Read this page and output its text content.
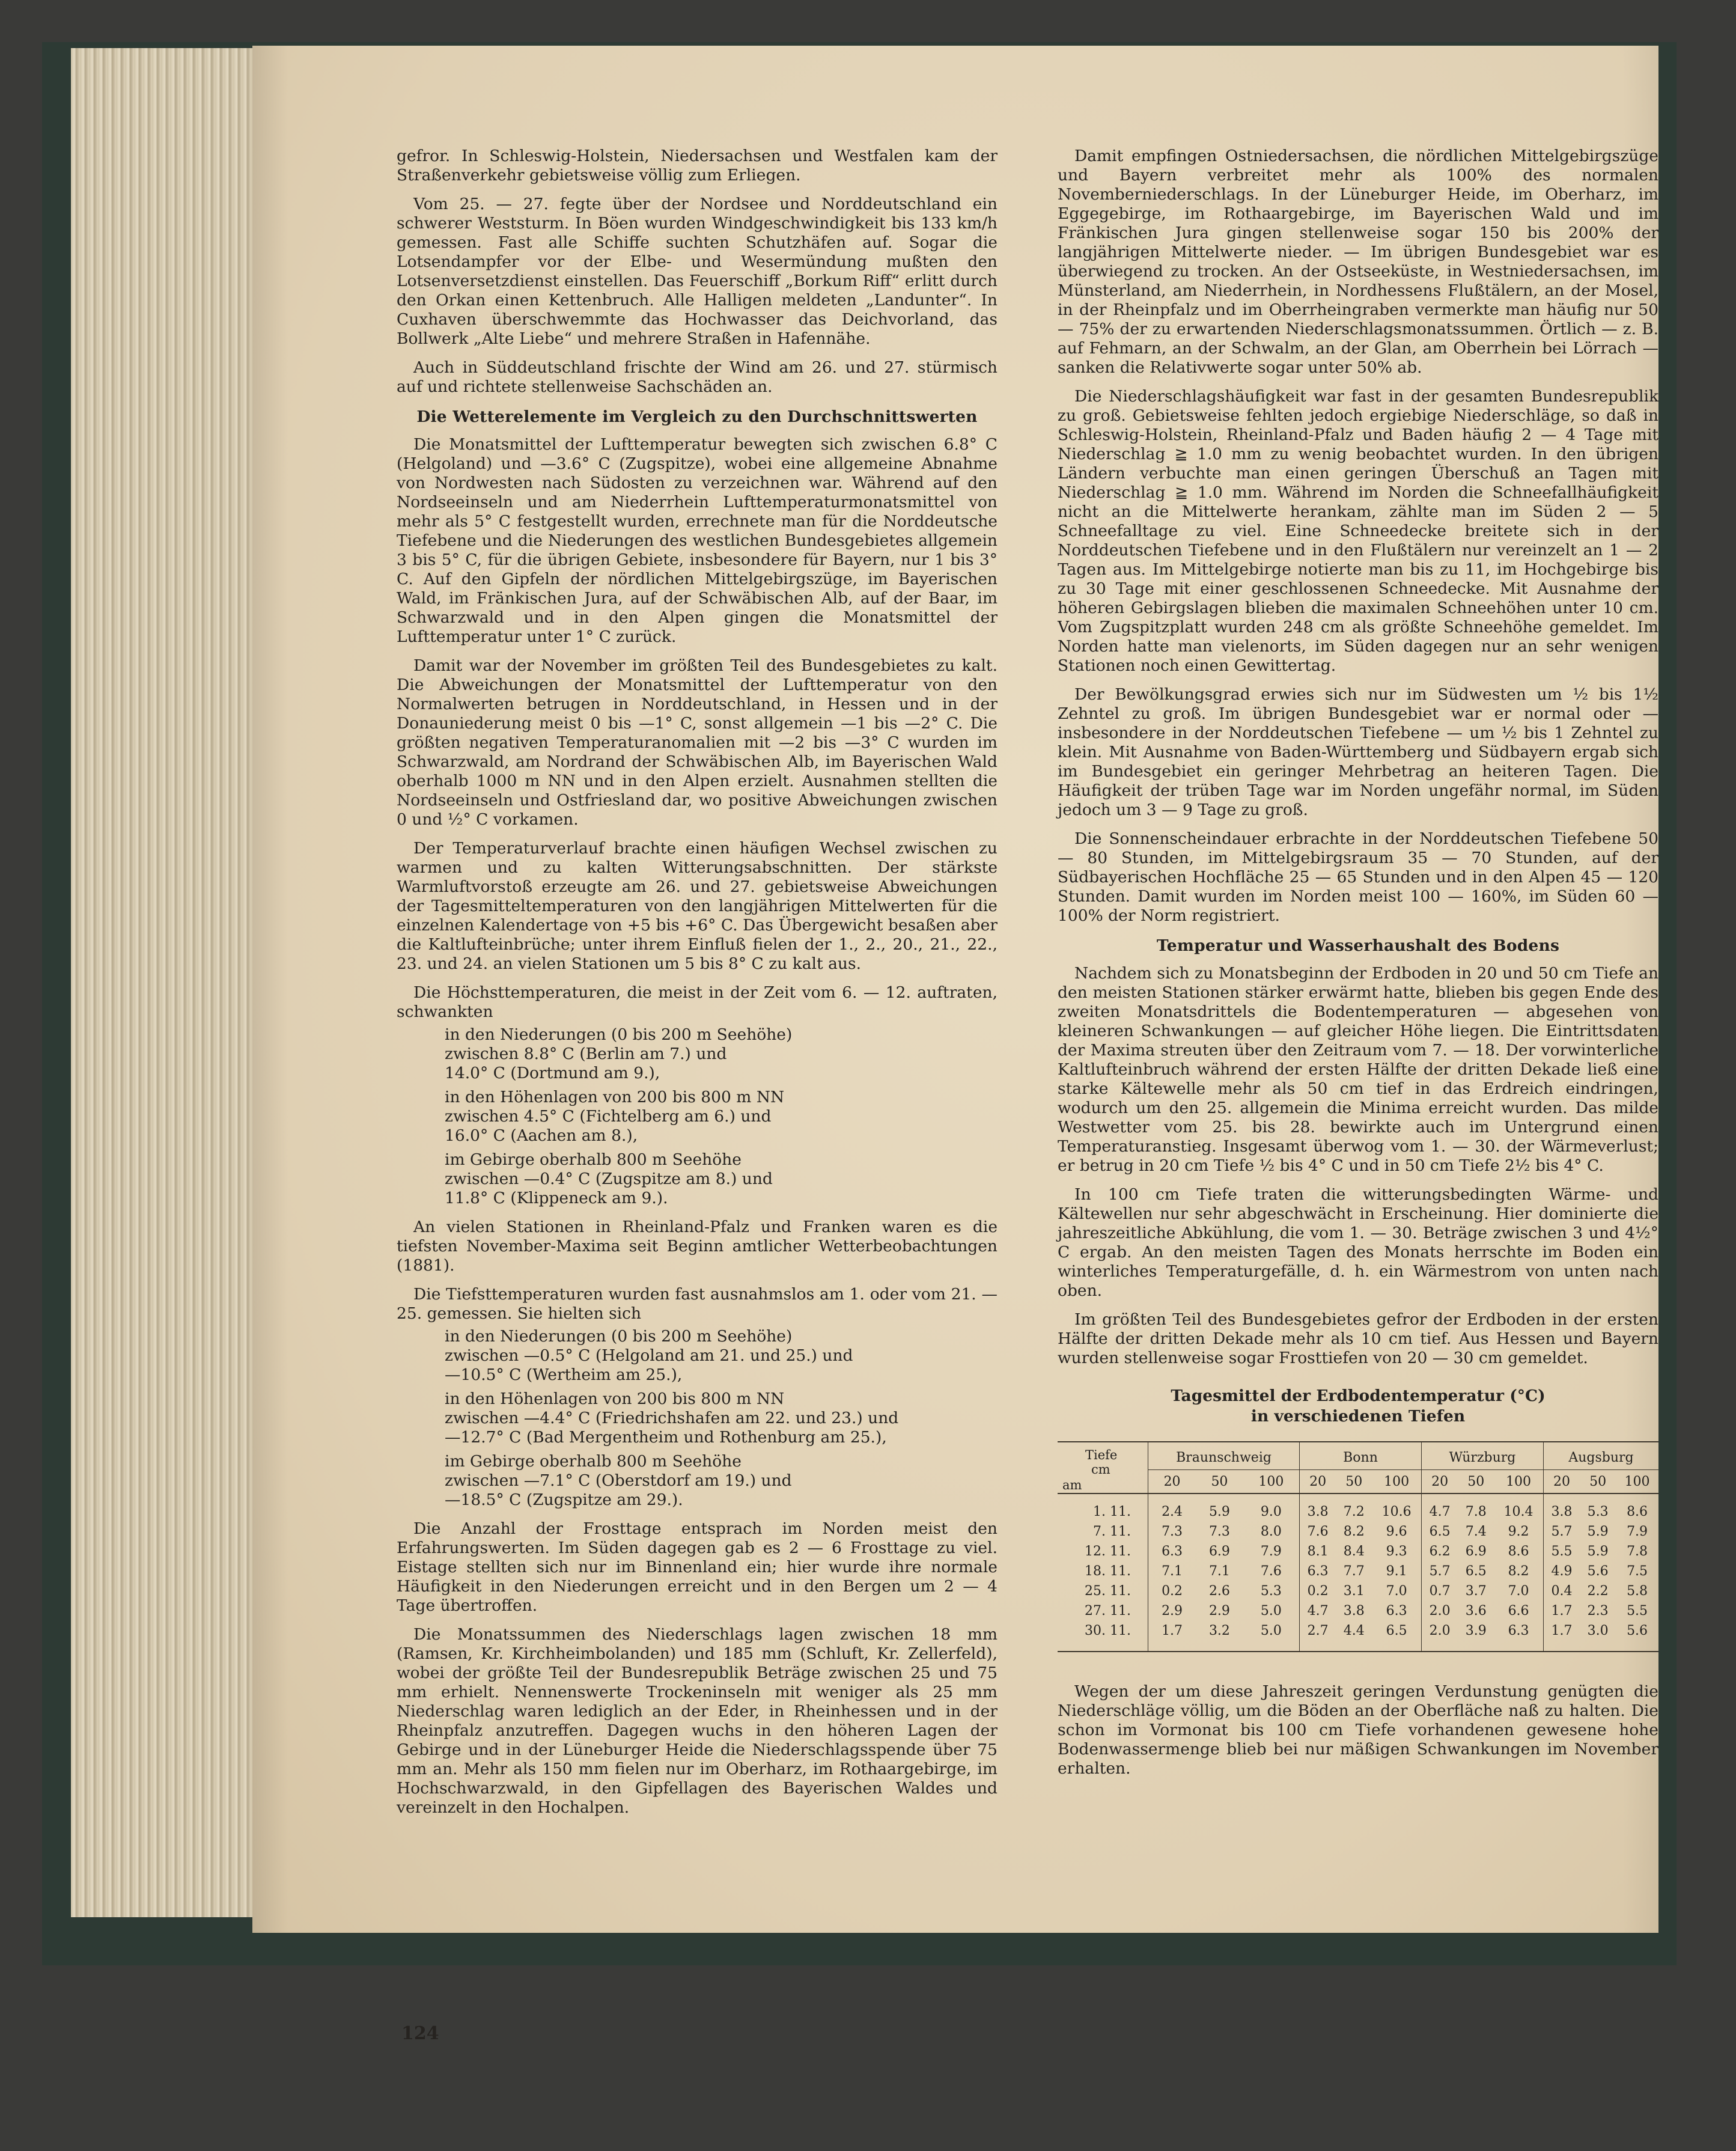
gefror. In Schleswig-Holstein, Niedersachsen und Westfalen kam der Straßenverkehr gebietsweise völlig zum Erliegen.

Vom 25. — 27. fegte über der Nordsee und Norddeutschland ein schwerer Weststurm. In Böen wurden Windgeschwindigkeit bis 133 km/h gemessen. Fast alle Schiffe suchten Schutzhäfen auf. Sogar die Lotsendampfer vor der Elbe- und Wesermündung mußten den Lotsenversetzdienst einstellen. Das Feuerschiff „Borkum Riff“ erlitt durch den Orkan einen Kettenbruch. Alle Halligen meldeten „Landunter“. In Cuxhaven überschwemmte das Hochwasser das Deichvorland, das Bollwerk „Alte Liebe“ und mehrere Straßen in Hafennähe.

Auch in Süddeutschland frischte der Wind am 26. und 27. stürmisch auf und richtete stellenweise Sachschäden an.

Die Wetterelemente im Vergleich zu den Durchschnittswerten

Die Monatsmittel der Lufttemperatur bewegten sich zwischen 6.8° C (Helgoland) und —3.6° C (Zugspitze), wobei eine allgemeine Abnahme von Nordwesten nach Südosten zu verzeichnen war. Während auf den Nordseeinseln und am Niederrhein Lufttemperaturmonatsmittel von mehr als 5° C festgestellt wurden, errechnete man für die Norddeutsche Tiefebene und die Niederungen des westlichen Bundesgebietes allgemein 3 bis 5° C, für die übrigen Gebiete, insbesondere für Bayern, nur 1 bis 3° C. Auf den Gipfeln der nördlichen Mittelgebirgszüge, im Bayerischen Wald, im Fränkischen Jura, auf der Schwäbischen Alb, auf der Baar, im Schwarzwald und in den Alpen gingen die Monatsmittel der Lufttemperatur unter 1° C zurück.

Damit war der November im größten Teil des Bundesgebietes zu kalt. Die Abweichungen der Monatsmittel der Lufttemperatur von den Normalwerten betrugen in Norddeutschland, in Hessen und in der Donauniederung meist 0 bis —1° C, sonst allgemein —1 bis —2° C. Die größten negativen Temperaturanomalien mit —2 bis —3° C wurden im Schwarzwald, am Nordrand der Schwäbischen Alb, im Bayerischen Wald oberhalb 1000 m NN und in den Alpen erzielt. Ausnahmen stellten die Nordseeinseln und Ostfriesland dar, wo positive Abweichungen zwischen 0 und ½° C vorkamen.

Der Temperaturverlauf brachte einen häufigen Wechsel zwischen zu warmen und zu kalten Witterungsabschnitten. Der stärkste Warmluftvorstoß erzeugte am 26. und 27. gebietsweise Abweichungen der Tagesmitteltemperaturen von den langjährigen Mittelwerten für die einzelnen Kalendertage von +5 bis +6° C. Das Übergewicht besaßen aber die Kaltlufteinbrüche; unter ihrem Einfluß fielen der 1., 2., 20., 21., 22., 23. und 24. an vielen Stationen um 5 bis 8° C zu kalt aus.

Die Höchsttemperaturen, die meist in der Zeit vom 6. — 12. auftraten, schwankten

in den Niederungen (0 bis 200 m Seehöhe)
zwischen 8.8° C (Berlin am 7.) und
14.0° C (Dortmund am 9.),
in den Höhenlagen von 200 bis 800 m NN
zwischen 4.5° C (Fichtelberg am 6.) und
16.0° C (Aachen am 8.),
im Gebirge oberhalb 800 m Seehöhe
zwischen —0.4° C (Zugspitze am 8.) und
11.8° C (Klippeneck am 9.).

An vielen Stationen in Rheinland-Pfalz und Franken waren es die tiefsten November-Maxima seit Beginn amtlicher Wetterbeobachtungen (1881).

Die Tiefsttemperaturen wurden fast ausnahmslos am 1. oder vom 21. — 25. gemessen. Sie hielten sich

in den Niederungen (0 bis 200 m Seehöhe)
zwischen —0.5° C (Helgoland am 21. und 25.) und
—10.5° C (Wertheim am 25.),
in den Höhenlagen von 200 bis 800 m NN
zwischen —4.4° C (Friedrichshafen am 22. und 23.) und
—12.7° C (Bad Mergentheim und Rothenburg am 25.),
im Gebirge oberhalb 800 m Seehöhe
zwischen —7.1° C (Oberstdorf am 19.) und
—18.5° C (Zugspitze am 29.).

Die Anzahl der Frosttage entsprach im Norden meist den Erfahrungswerten. Im Süden dagegen gab es 2 — 6 Frosttage zu viel. Eistage stellten sich nur im Binnenland ein; hier wurde ihre normale Häufigkeit in den Niederungen erreicht und in den Bergen um 2 — 4 Tage übertroffen.

Die Monatssummen des Niederschlags lagen zwischen 18 mm (Ramsen, Kr. Kirchheimbolanden) und 185 mm (Schluft, Kr. Zellerfeld), wobei der größte Teil der Bundesrepublik Beträge zwischen 25 und 75 mm erhielt. Nennenswerte Trockeninseln mit weniger als 25 mm Niederschlag waren lediglich an der Eder, in Rheinhessen und in der Rheinpfalz anzutreffen. Dagegen wuchs in den höheren Lagen der Gebirge und in der Lüneburger Heide die Niederschlagsspende über 75 mm an. Mehr als 150 mm fielen nur im Oberharz, im Rothaargebirge, im Hochschwarzwald, in den Gipfellagen des Bayerischen Waldes und vereinzelt in den Hochalpen.

Damit empfingen Ostniedersachsen, die nördlichen Mittelgebirgszüge und Bayern verbreitet mehr als 100% des normalen Novemberniederschlags. In der Lüneburger Heide, im Oberharz, im Eggegebirge, im Rothaargebirge, im Bayerischen Wald und im Fränkischen Jura gingen stellenweise sogar 150 bis 200% der langjährigen Mittelwerte nieder. — Im übrigen Bundesgebiet war es überwiegend zu trocken. An der Ostseeküste, in Westniedersachsen, im Münsterland, am Niederrhein, in Nordhessens Flußtälern, an der Mosel, in der Rheinpfalz und im Oberrheingraben vermerkte man häufig nur 50 — 75% der zu erwartenden Niederschlagsmonatssummen. Örtlich — z. B. auf Fehmarn, an der Schwalm, an der Glan, am Oberrhein bei Lörrach — sanken die Relativwerte sogar unter 50% ab.

Die Niederschlagshäufigkeit war fast in der gesamten Bundesrepublik zu groß. Gebietsweise fehlten jedoch ergiebige Niederschläge, so daß in Schleswig-Holstein, Rheinland-Pfalz und Baden häufig 2 — 4 Tage mit Niederschlag ≧ 1.0 mm zu wenig beobachtet wurden. In den übrigen Ländern verbuchte man einen geringen Überschuß an Tagen mit Niederschlag ≧ 1.0 mm. Während im Norden die Schneefallhäufigkeit nicht an die Mittelwerte herankam, zählte man im Süden 2 — 5 Schneefalltage zu viel. Eine Schneedecke breitete sich in der Norddeutschen Tiefebene und in den Flußtälern nur vereinzelt an 1 — 2 Tagen aus. Im Mittelgebirge notierte man bis zu 11, im Hochgebirge bis zu 30 Tage mit einer geschlossenen Schneedecke. Mit Ausnahme der höheren Gebirgslagen blieben die maximalen Schneehöhen unter 10 cm. Vom Zugspitzplatt wurden 248 cm als größte Schneehöhe gemeldet. Im Norden hatte man vielenorts, im Süden dagegen nur an sehr wenigen Stationen noch einen Gewittertag.

Der Bewölkungsgrad erwies sich nur im Südwesten um ½ bis 1½ Zehntel zu groß. Im übrigen Bundesgebiet war er normal oder — insbesondere in der Norddeutschen Tiefebene — um ½ bis 1 Zehntel zu klein. Mit Ausnahme von Baden-Württemberg und Südbayern ergab sich im Bundesgebiet ein geringer Mehrbetrag an heiteren Tagen. Die Häufigkeit der trüben Tage war im Norden ungefähr normal, im Süden jedoch um 3 — 9 Tage zu groß.

Die Sonnenscheindauer erbrachte in der Norddeutschen Tiefebene 50 — 80 Stunden, im Mittelgebirgsraum 35 — 70 Stunden, auf der Südbayerischen Hochfläche 25 — 65 Stunden und in den Alpen 45 — 120 Stunden. Damit wurden im Norden meist 100 — 160%, im Süden 60 — 100% der Norm registriert.

Temperatur und Wasserhaushalt des Bodens

Nachdem sich zu Monatsbeginn der Erdboden in 20 und 50 cm Tiefe an den meisten Stationen stärker erwärmt hatte, blieben bis gegen Ende des zweiten Monatsdrittels die Bodentemperaturen — abgesehen von kleineren Schwankungen — auf gleicher Höhe liegen. Die Eintrittsdaten der Maxima streuten über den Zeitraum vom 7. — 18. Der vorwinterliche Kaltlufteinbruch während der ersten Hälfte der dritten Dekade ließ eine starke Kältewelle mehr als 50 cm tief in das Erdreich eindringen, wodurch um den 25. allgemein die Minima erreicht wurden. Das milde Westwetter vom 25. bis 28. bewirkte auch im Untergrund einen Temperaturanstieg. Insgesamt überwog vom 1. — 30. der Wärmeverlust; er betrug in 20 cm Tiefe ½ bis 4° C und in 50 cm Tiefe 2½ bis 4° C.

In 100 cm Tiefe traten die witterungsbedingten Wärme- und Kältewellen nur sehr abgeschwächt in Erscheinung. Hier dominierte die jahreszeitliche Abkühlung, die vom 1. — 30. Beträge zwischen 3 und 4½° C ergab. An den meisten Tagen des Monats herrschte im Boden ein winterliches Temperaturgefälle, d. h. ein Wärmestrom von unten nach oben.

Im größten Teil des Bundesgebietes gefror der Erdboden in der ersten Hälfte der dritten Dekade mehr als 10 cm tief. Aus Hessen und Bayern wurden stellenweise sogar Frosttiefen von 20 — 30 cm gemeldet.

Tagesmittel der Erdbodentemperatur (°C)
in verschiedenen Tiefen
Tiefe
cm
am	Braunschweig			Bonn			Würzburg			Augsburg		
	20	50	100	20	50	100	20	50	100	20	50	100
1. 11.	2.4	5.9	9.0	3.8	7.2	10.6	4.7	7.8	10.4	3.8	5.3	8.6
7. 11.	7.3	7.3	8.0	7.6	8.2	9.6	6.5	7.4	9.2	5.7	5.9	7.9
12. 11.	6.3	6.9	7.9	8.1	8.4	9.3	6.2	6.9	8.6	5.5	5.9	7.8
18. 11.	7.1	7.1	7.6	6.3	7.7	9.1	5.7	6.5	8.2	4.9	5.6	7.5
25. 11.	0.2	2.6	5.3	0.2	3.1	7.0	0.7	3.7	7.0	0.4	2.2	5.8
27. 11.	2.9	2.9	5.0	4.7	3.8	6.3	2.0	3.6	6.6	1.7	2.3	5.5
30. 11.	1.7	3.2	5.0	2.7	4.4	6.5	2.0	3.9	6.3	1.7	3.0	5.6

Wegen der um diese Jahreszeit geringen Verdunstung genügten die Niederschläge völlig, um die Böden an der Oberfläche naß zu halten. Die schon im Vormonat bis 100 cm Tiefe vorhandenen gewesene hohe Bodenwassermenge blieb bei nur mäßigen Schwankungen im November erhalten.

124
